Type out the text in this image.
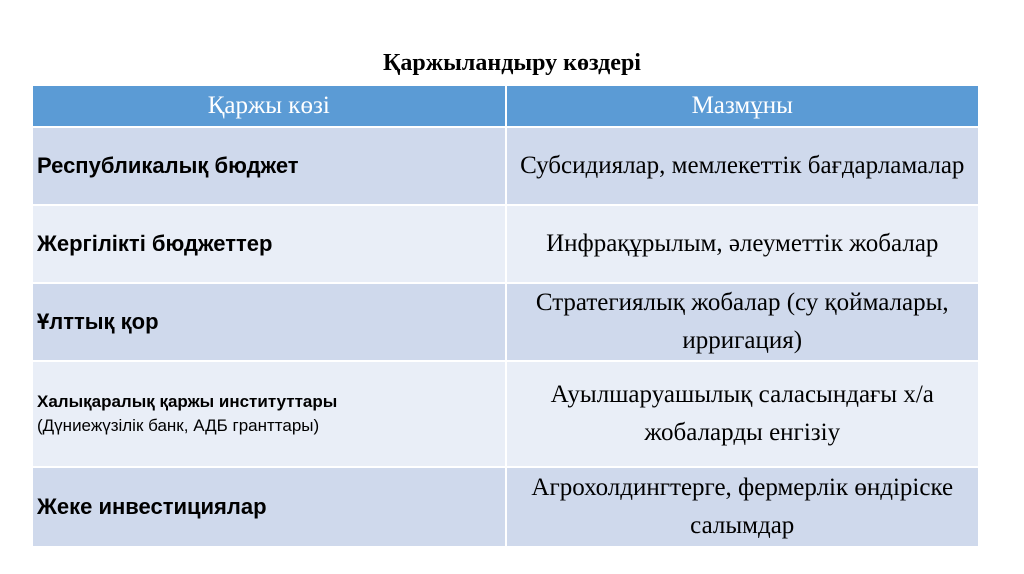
Қаржыландыру көздері
Қаржы көзі	Мазмұны
Республикалық бюджет	Субсидиялар, мемлекеттік бағдарламалар
Жергілікті бюджеттер	Инфрақұрылым, әлеуметтік жобалар
Ұлттық қор	Стратегиялық жобалар (су қоймалары, ирригация)

Халықаралық қаржы институттары
(Дүниежүзілік банк, АДБ гранттары)	Ауылшаруашылық саласындағы х/а жобаларды енгізіу
Жеке инвестициялар	Агрохолдингтерге, фермерлік өндіріске салымдар
